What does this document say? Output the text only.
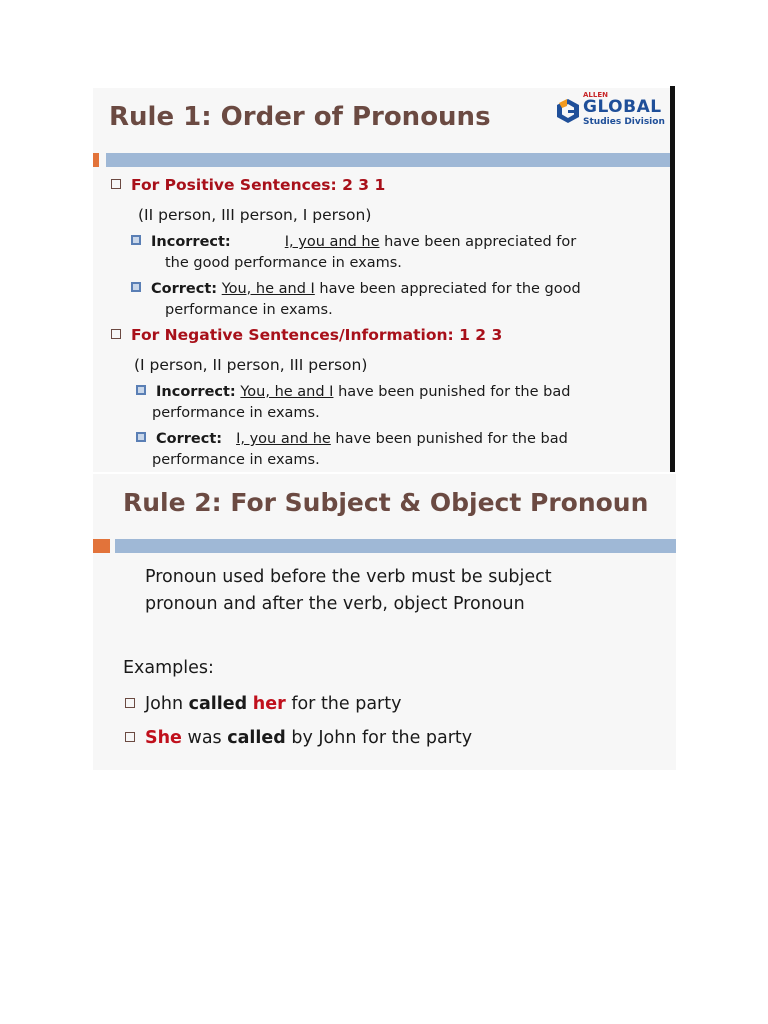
Rule 1: Order of Pronouns
ALLEN
GLOBAL
Studies Division
For Positive Sentences: 2 3 1
(II person, III person, I person)
Incorrect:	I, you and he have been appreciated for
the good performance in exams.
Correct: You, he and I have been appreciated for the good
performance in exams.
For Negative Sentences/Information: 1 2 3
(I person, II person, III person)
Incorrect: You, he and I have been punished for the bad
performance in exams.
Correct: I, you and he have been punished for the bad
performance in exams.
Rule 2: For Subject & Object Pronoun
Pronoun used before the verb must be subject
pronoun and after the verb, object Pronoun
Examples:
John called her for the party
She was called by John for the party
